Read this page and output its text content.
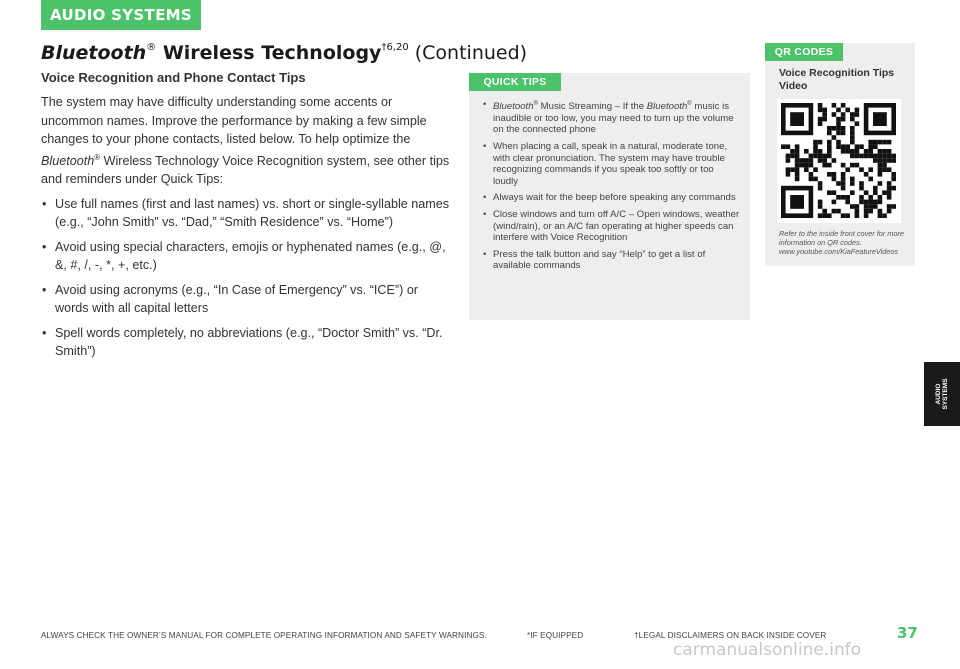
AUDIO SYSTEMS
Bluetooth® Wireless Technology$^{\dagger 6,20}$ (Continued)
Voice Recognition and Phone Contact Tips

The system may have difficulty understanding some accents or uncommon names. Improve the performance by making a few simple changes to your phone contacts, listed below. To help optimize the Bluetooth® Wireless Technology Voice Recognition system, see other tips and reminders under Quick Tips:

• Use full names (first and last names) vs. short or single-syllable names (e.g., “John Smith” vs. “Dad,” “Smith Residence” vs. “Home”)
• Avoid using special characters, emojis or hyphenated names (e.g., @, &, #, /, -, *, +, etc.)
• Avoid using acronyms (e.g., “In Case of Emergency” vs. “ICE”) or words with all capital letters
• Spell words completely, no abbreviations (e.g., “Doctor Smith” vs. “Dr. Smith”)
QUICK TIPS
• Bluetooth® Music Streaming – If the Bluetooth® music is inaudible or too low, you may need to turn up the volume on the connected phone
• When placing a call, speak in a natural, moderate tone, with clear pronunciation. The system may have trouble recognizing commands if you speak too softly or too loudly
• Always wait for the beep before speaking any commands
• Close windows and turn off A/C – Open windows, weather (wind/rain), or an A/C fan operating at higher speeds can interfere with Voice Recognition
• Press the talk button and say “Help” to get a list of available commands
QR CODES
Voice Recognition Tips Video
Refer to the inside front cover for more information on QR codes. www.youtube.com/KiaFeatureVideos
AUDIO
SYSTEMS
ALWAYS CHECK THE OWNER’S MANUAL FOR COMPLETE OPERATING INFORMATION AND SAFETY WARNINGS.	*IF EQUIPPED	†LEGAL DISCLAIMERS ON BACK INSIDE COVER	37
carmanualsonline.info
